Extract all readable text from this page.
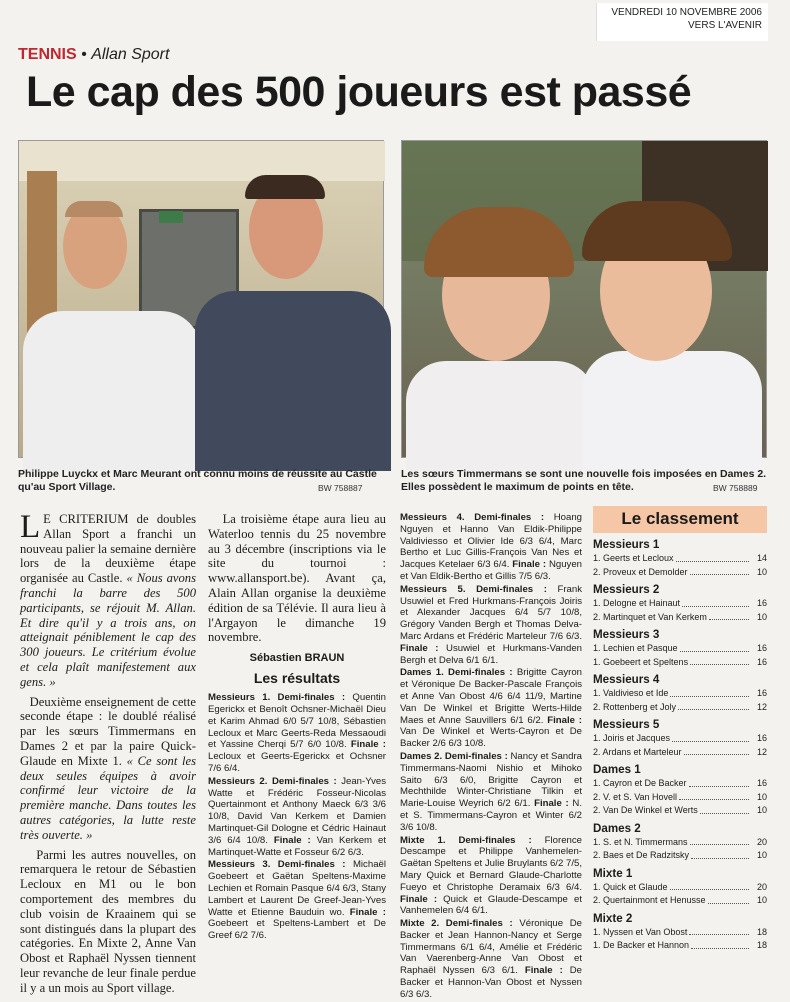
VENDREDI 10 NOVEMBRE 2006
VERS L'AVENIR
TENNIS • Allan Sport
Le cap des 500 joueurs est passé
Philippe Luyckx et Marc Meurant ont connu moins de réussite au Castle qu'au Sport Village.	BW 758887
Les sœurs Timmermans se sont une nouvelle fois imposées en Dames 2. Elles possèdent le maximum de points en tête.	BW 758889

L E CRITERIUM de doubles Allan Sport a franchi un nouveau palier la semaine dernière lors de la deuxième étape organisée au Castle. « Nous avons franchi la barre des 500 participants, se réjouit M. Allan. Et dire qu'il y a trois ans, on atteignait péniblement le cap des 300 joueurs. Le critérium évolue et cela plaît manifestement aux gens. »

Deuxième enseignement de cette seconde étape : le doublé réalisé par les sœurs Timmermans en Dames 2 et par la paire Quick-Glaude en Mixte 1. « Ce sont les deux seules équipes à avoir confirmé leur victoire de la première manche. Dans toutes les autres catégories, la lutte reste très ouverte. »

Parmi les autres nouvelles, on remarquera le retour de Sébastien Lecloux en M1 ou le bon comportement des membres du club voisin de Kraainem qui se sont distingués dans la plupart des catégories. En Mixte 2, Anne Van Obost et Raphaël Nyssen tiennent leur revanche de leur finale perdue il y a un mois au Sport village.

La troisième étape aura lieu au Waterloo tennis du 25 novembre au 3 décembre (inscriptions via le site du tournoi : www.allansport.be). Avant ça, Alain Allan organise la deuxième édition de sa Télévie. Il aura lieu à l'Argayon le dimanche 19 novembre.

Sébastien BRAUN
Les résultats

Messieurs 1. Demi-finales : Quentin Egerickx et Benoît Ochsner-Michaël Dieu et Karim Ahmad 6/0 5/7 10/8, Sébastien Lecloux et Marc Geerts-Reda Messaoudi et Yassine Cherqi 5/7 6/0 10/8. Finale : Lecloux et Geerts-Egerickx et Ochsner 7/6 6/4.

Messieurs 2. Demi-finales : Jean-Yves Watte et Frédéric Fosseur-Nicolas Quertainmont et Anthony Maeck 6/3 3/6 10/8, David Van Kerkem et Damien Martinquet-Gil Dologne et Cédric Hainaut 3/6 6/4 10/8. Finale : Van Kerkem et Martinquet-Watte et Fosseur 6/2 6/3.

Messieurs 3. Demi-finales : Michaël Goebeert et Gaëtan Speltens-Maxime Lechien et Romain Pasque 6/4 6/3, Stany Lambert et Laurent De Greef-Jean-Yves Watte et Etienne Bauduin wo. Finale : Goebeert et Speltens-Lambert et De Greef 6/2 7/6.

Messieurs 4. Demi-finales : Hoang Nguyen et Hanno Van Eldik-Philippe Valdiviesso et Olivier Ide 6/3 6/4, Marc Bertho et Luc Gillis-François Van Nes et Jacques Ketelaer 6/3 6/4. Finale : Nguyen et Van Eldik-Bertho et Gillis 7/5 6/3.

Messieurs 5. Demi-finales : Frank Usuwiel et Fred Hurkmans-François Joiris et Alexander Jacques 6/4 5/7 10/8, Grégory Vanden Bergh et Thomas Delva-Marc Ardans et Frédéric Marteleur 7/6 6/3. Finale : Usuwiel et Hurkmans-Vanden Bergh et Delva 6/1 6/1.

Dames 1. Demi-finales : Brigitte Cayron et Véronique De Backer-Pascale François et Anne Van Obost 4/6 6/4 11/9, Martine Van De Winkel et Brigitte Werts-Hilde Maes et Anne Sauvillers 6/1 6/2. Finale : Van De Winkel et Werts-Cayron et De Backer 2/6 6/3 10/8.

Dames 2. Demi-finales : Nancy et Sandra Timmermans-Naomi Nishio et Mihoko Saito 6/3 6/0, Brigitte Cayron et Mechthilde Winter-Christiane Tilkin et Marie-Louise Weyrich 6/2 6/1. Finale : N. et S. Timmermans-Cayron et Winter 6/2 3/6 10/8.

Mixte 1. Demi-finales : Florence Descampe et Philippe Vanhemelen-Gaëtan Speltens et Julie Bruylants 6/2 7/5, Mary Quick et Bernard Glaude-Charlotte Fueyo et Christophe Deramaix 6/3 6/4. Finale : Quick et Glaude-Descampe et Vanhemelen 6/4 6/1.

Mixte 2. Demi-finales : Véronique De Backer et Jean Hannon-Nancy et Serge Timmermans 6/1 6/4, Amélie et Frédéric Van Vaerenberg-Anne Van Obost et Raphaël Nyssen 6/3 6/1. Finale : De Backer et Hannon-Van Obost et Nyssen 6/3 6/3.

Le classement
Messieurs 1
1. Geerts et Lecloux	14
2. Proveux et Demolder	10
Messieurs 2
1. Delogne et Hainaut	16
2. Martinquet et Van Kerkem	10
Messieurs 3
1. Lechien et Pasque	16
1. Goebeert et Speltens	16
Messieurs 4
1. Valdivieso et Ide	16
2. Rottenberg et Joly	12
Messieurs 5
1. Joiris et Jacques	16
2. Ardans et Marteleur	12
Dames 1
1. Cayron et De Backer	16
2. V. et S. Van Hovell	10
2. Van De Winkel et Werts	10
Dames 2
1. S. et N. Timmermans	20
2. Baes et De Radzitsky	10
Mixte 1
1. Quick et Glaude	20
2. Quertainmont et Henusse	10
Mixte 2
1. Nyssen et Van Obost	18
1. De Backer et Hannon	18
